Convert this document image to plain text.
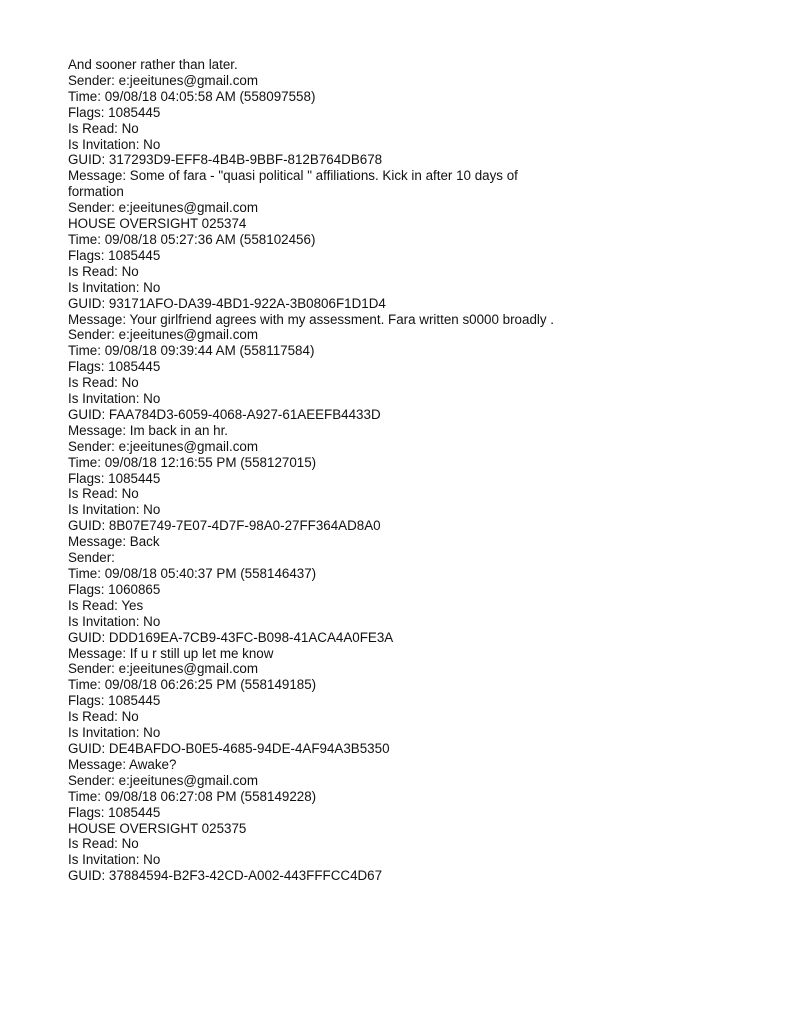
And sooner rather than later.
Sender: e:jeeitunes@gmail.com
Time: 09/08/18 04:05:58 AM (558097558)
Flags: 1085445
Is Read: No
Is Invitation: No
GUID: 317293D9-EFF8-4B4B-9BBF-812B764DB678
Message: Some of fara - "quasi political " affiliations. Kick in after 10 days of
formation
Sender: e:jeeitunes@gmail.com
HOUSE OVERSIGHT 025374
Time: 09/08/18 05:27:36 AM (558102456)
Flags: 1085445
Is Read: No
Is Invitation: No
GUID: 93171AFO-DA39-4BD1-922A-3B0806F1D1D4
Message: Your girlfriend agrees with my assessment. Fara written s0000 broadly .
Sender: e:jeeitunes@gmail.com
Time: 09/08/18 09:39:44 AM (558117584)
Flags: 1085445
Is Read: No
Is Invitation: No
GUID: FAA784D3-6059-4068-A927-61AEEFB4433D
Message: Im back in an hr.
Sender: e:jeeitunes@gmail.com
Time: 09/08/18 12:16:55 PM (558127015)
Flags: 1085445
Is Read: No
Is Invitation: No
GUID: 8B07E749-7E07-4D7F-98A0-27FF364AD8A0
Message: Back
Sender:
Time: 09/08/18 05:40:37 PM (558146437)
Flags: 1060865
Is Read: Yes
Is Invitation: No
GUID: DDD169EA-7CB9-43FC-B098-41ACA4A0FE3A
Message: If u r still up let me know
Sender: e:jeeitunes@gmail.com
Time: 09/08/18 06:26:25 PM (558149185)
Flags: 1085445
Is Read: No
Is Invitation: No
GUID: DE4BAFDO-B0E5-4685-94DE-4AF94A3B5350
Message: Awake?
Sender: e:jeeitunes@gmail.com
Time: 09/08/18 06:27:08 PM (558149228)
Flags: 1085445
HOUSE OVERSIGHT 025375
Is Read: No
Is Invitation: No
GUID: 37884594-B2F3-42CD-A002-443FFFCC4D67
